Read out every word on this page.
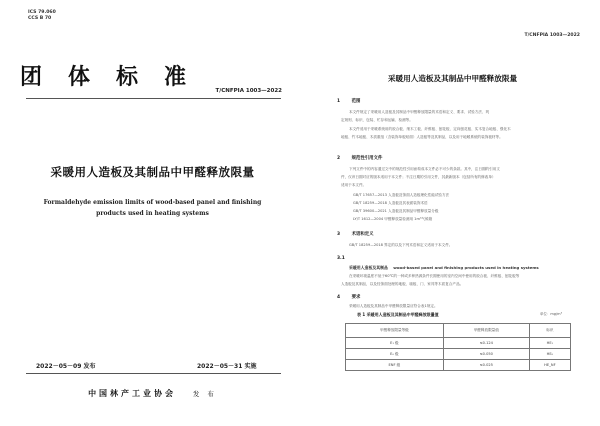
ICS 79.060
CCS B 70
团体标准
T/CNFPIA 1003—2022
采暖用人造板及其制品中甲醛释放限量
Formaldehyde emission limits of wood-based panel and finishing
products used in heating systems
2022－05－09 发布	2022－05－31 实施
中国林产工业协会	发 布
T/CNFPIA 1003—2022
采暖用人造板及其制品中甲醛释放限量
1	范围
本文件规定了采暖用人造板及其制品中甲醛释放限量的术语和定义、要求、试验方法、判
定规则、标识、包装、贮存和运输、检测等。
本文件适用于采暖系统用的胶合板、细木工板、纤维板、刨花板、定向刨花板、实木复合地板、强化木
地板、竹木地板、木质重组（含装饰单板贴面）人造板等及其制品，以及用于地暖系统的装饰板材等。
2	规范性引用文件
下列文件中的内容通过文中的规范性引用而构成本文件必不可少的条款。其中，注日期的引用文
件，仅该日期对应的版本适用于本文件；不注日期的引用文件，其最新版本（包括所有的修改单）
适用于本文件。
GB/T 17657—2013 人造板及饰面人造板理化性能试验方法
GB/T 18259—2018 人造板及其表面装饰术语
GB/T 39600—2021 人造板及其制品甲醛释放量分级
LY/T 1612—2004 甲醛释放量检测用 1m³气候箱
3	术语和定义
GB/T 18259—2018 界定的以及下列术语和定义适用于本文件。
3.1
采暖用人造板及其制品 wood-based panel and finishing products used in heating systems
在采暖环境温度不低于60℃的一种或多种热源条件长期使用的室内空间中使用的胶合板、纤维板、刨花板等
人造板及其制品，以及经饰面处理的地板、墙板、门、家具等木质复合产品。
4	要求
采暖用人造板及其制品中甲醛释放限量应符合表1规定。
表 1 采暖用人造板及其制品中甲醛释放限量值	单位：mg/m³
甲醛释放限量等级	甲醛释放限量值	标识
E₁ 级	≤0.124	HE₁
E₀ 级	≤0.050	HE₀
ENF 级	≤0.025	HE_NF
